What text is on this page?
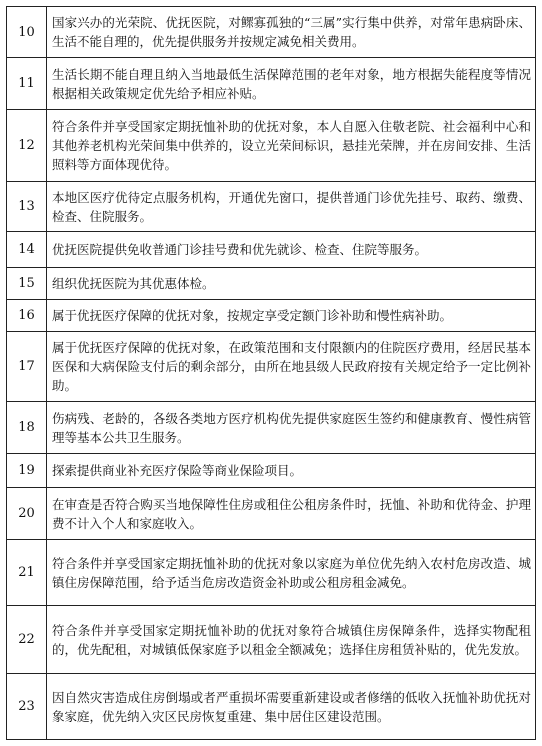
10	国家兴办的光荣院、优抚医院，对鳏寡孤独的“三属”实行集中供养，对常年患病卧床、生活不能自理的，优先提供服务并按规定减免相关费用。
11	生活长期不能自理且纳入当地最低生活保障范围的老年对象，地方根据失能程度等情况根据相关政策规定优先给予相应补贴。
12	符合条件并享受国家定期抚恤补助的优抚对象，本人自愿入住敬老院、社会福利中心和其他养老机构光荣间集中供养的，设立光荣间标识，悬挂光荣牌，并在房间安排、生活照料等方面体现优待。
13	本地区医疗优待定点服务机构，开通优先窗口，提供普通门诊优先挂号、取药、缴费、检查、住院服务。
14	优抚医院提供免收普通门诊挂号费和优先就诊、检查、住院等服务。
15	组织优抚医院为其优惠体检。
16	属于优抚医疗保障的优抚对象，按规定享受定额门诊补助和慢性病补助。
17	属于优抚医疗保障的优抚对象，在政策范围和支付限额内的住院医疗费用，经居民基本医保和大病保险支付后的剩余部分，由所在地县级人民政府按有关规定给予一定比例补助。
18	伤病残、老龄的，各级各类地方医疗机构优先提供家庭医生签约和健康教育、慢性病管理等基本公共卫生服务。
19	探索提供商业补充医疗保险等商业保险项目。
20	在审查是否符合购买当地保障性住房或租住公租房条件时，抚恤、补助和优待金、护理费不计入个人和家庭收入。
21	符合条件并享受国家定期抚恤补助的优抚对象以家庭为单位优先纳入农村危房改造、城镇住房保障范围，给予适当危房改造资金补助或公租房租金减免。
22	符合条件并享受国家定期抚恤补助的优抚对象符合城镇住房保障条件，选择实物配租的，优先配租，对城镇低保家庭予以租金全额减免；选择住房租赁补贴的，优先发放。
23	因自然灾害造成住房倒塌或者严重损坏需要重新建设或者修缮的低收入抚恤补助优抚对象家庭，优先纳入灾区民房恢复重建、集中居住区建设范围。
